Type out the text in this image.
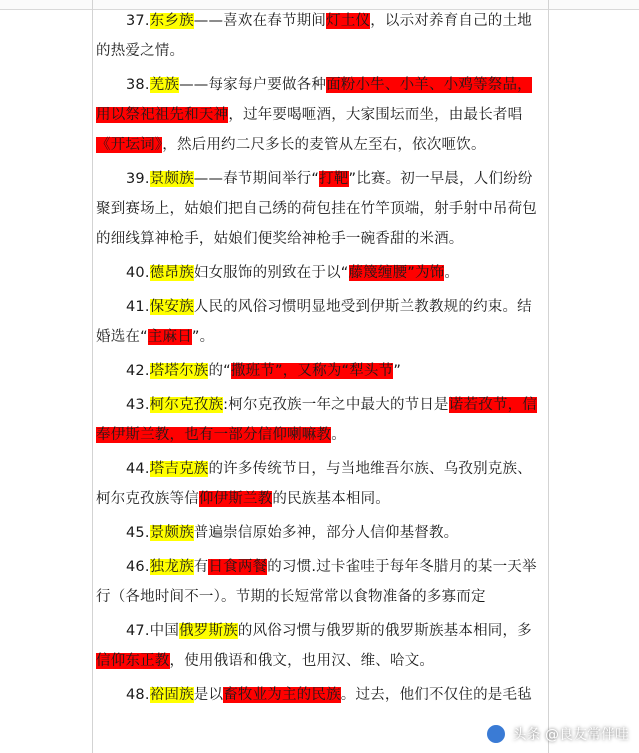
37.东乡族——喜欢在春节期间灯土仪，以示对养育自己的土地的热爱之情。

38.羌族——每家每户要做各种面粉小牛、小羊、小鸡等祭品，用以祭祀祖先和天神，过年要喝咂酒，大家围坛而坐，由最长者唱《开坛词》，然后用约二尺多长的麦管从左至右，依次咂饮。

39.景颇族——春节期间举行“打靶”比赛。初一早晨，人们纷纷聚到赛场上，姑娘们把自己绣的荷包挂在竹竿顶端，射手射中吊荷包的细线算神枪手，姑娘们便奖给神枪手一碗香甜的米酒。

40.德昂族妇女服饰的别致在于以“藤篾缠腰”为饰。

41.保安族人民的风俗习惯明显地受到伊斯兰教教规的约束。结婚选在“主麻日”。

42.塔塔尔族的“撒班节”，又称为“犁头节”

43.柯尔克孜族:柯尔克孜族一年之中最大的节日是诺若孜节，信奉伊斯兰教，也有一部分信仰喇嘛教。

44.塔吉克族的许多传统节日，与当地维吾尔族、乌孜别克族、柯尔克孜族等信仰伊斯兰教的民族基本相同。

45.景颇族普遍崇信原始多神，部分人信仰基督教。

46.独龙族有日食两餐的习惯.过卡雀哇于每年冬腊月的某一天举行（各地时间不一）。节期的长短常常以食物准备的多寡而定

47.中国俄罗斯族的风俗习惯与俄罗斯的俄罗斯族基本相同，多信仰东正教，使用俄语和俄文，也用汉、维、哈文。

48.裕固族是以畜牧业为主的民族。过去，他们不仅住的是毛毡

头条 @良友常伴哇
